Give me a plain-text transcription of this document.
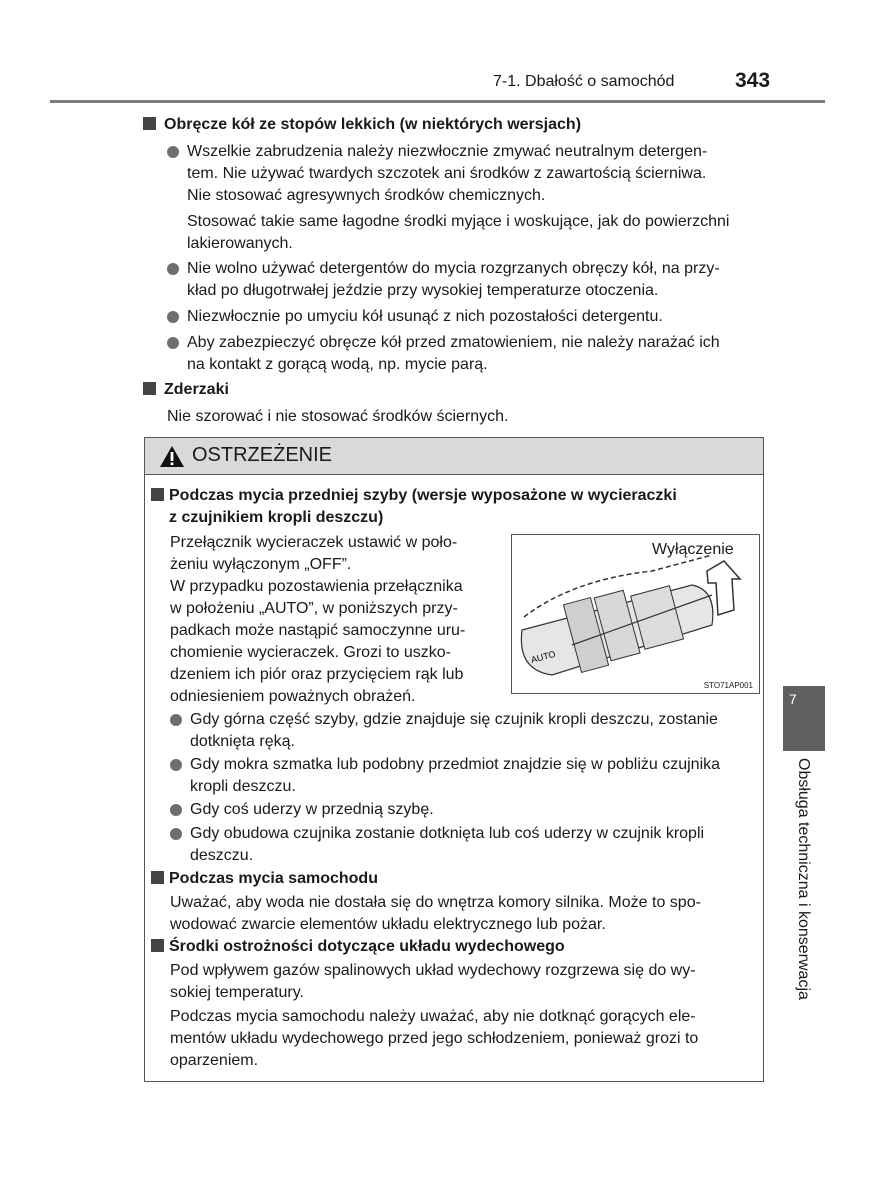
7-1. Dbałość o samochód	343
Obręcze kół ze stopów lekkich (w niektórych wersjach)
Wszelkie zabrudzenia należy niezwłocznie zmywać neutralnym detergen-
tem. Nie używać twardych szczotek ani środków z zawartością ścierniwa.
Nie stosować agresywnych środków chemicznych.
Stosować takie same łagodne środki myjące i woskujące, jak do powierzchni
lakierowanych.
Nie wolno używać detergentów do mycia rozgrzanych obręczy kół, na przy-
kład po długotrwałej jeździe przy wysokiej temperaturze otoczenia.
Niezwłocznie po umyciu kół usunąć z nich pozostałości detergentu.
Aby zabezpieczyć obręcze kół przed zmatowieniem, nie należy narażać ich
na kontakt z gorącą wodą, np. mycie parą.
Zderzaki
Nie szorować i nie stosować środków ściernych.
OSTRZEŻENIE
Podczas mycia przedniej szyby (wersje wyposażone w wycieraczki
z czujnikiem kropli deszczu)
Przełącznik wycieraczek ustawić w poło-
żeniu wyłączonym „OFF”.
W przypadku pozostawienia przełącznika
w położeniu „AUTO”, w poniższych przy-
padkach może nastąpić samoczynne uru-
chomienie wycieraczek. Grozi to uszko-
dzeniem ich piór oraz przycięciem rąk lub
odniesieniem poważnych obrażeń.
Gdy górna część szyby, gdzie znajduje się czujnik kropli deszczu, zostanie
dotknięta ręką.
Gdy mokra szmatka lub podobny przedmiot znajdzie się w pobliżu czujnika
kropli deszczu.
Gdy coś uderzy w przednią szybę.
Gdy obudowa czujnika zostanie dotknięta lub coś uderzy w czujnik kropli
deszczu.
Podczas mycia samochodu
Uważać, aby woda nie dostała się do wnętrza komory silnika. Może to spo-
wodować zwarcie elementów układu elektrycznego lub pożar.
Środki ostrożności dotyczące układu wydechowego
Pod wpływem gazów spalinowych układ wydechowy rozgrzewa się do wy-
sokiej temperatury.
Podczas mycia samochodu należy uważać, aby nie dotknąć gorących ele-
mentów układu wydechowego przed jego schłodzeniem, ponieważ grozi to
oparzeniem.
Wyłączenie
AUTO
STO71AP001
7
Obsługa techniczna i konserwacja
